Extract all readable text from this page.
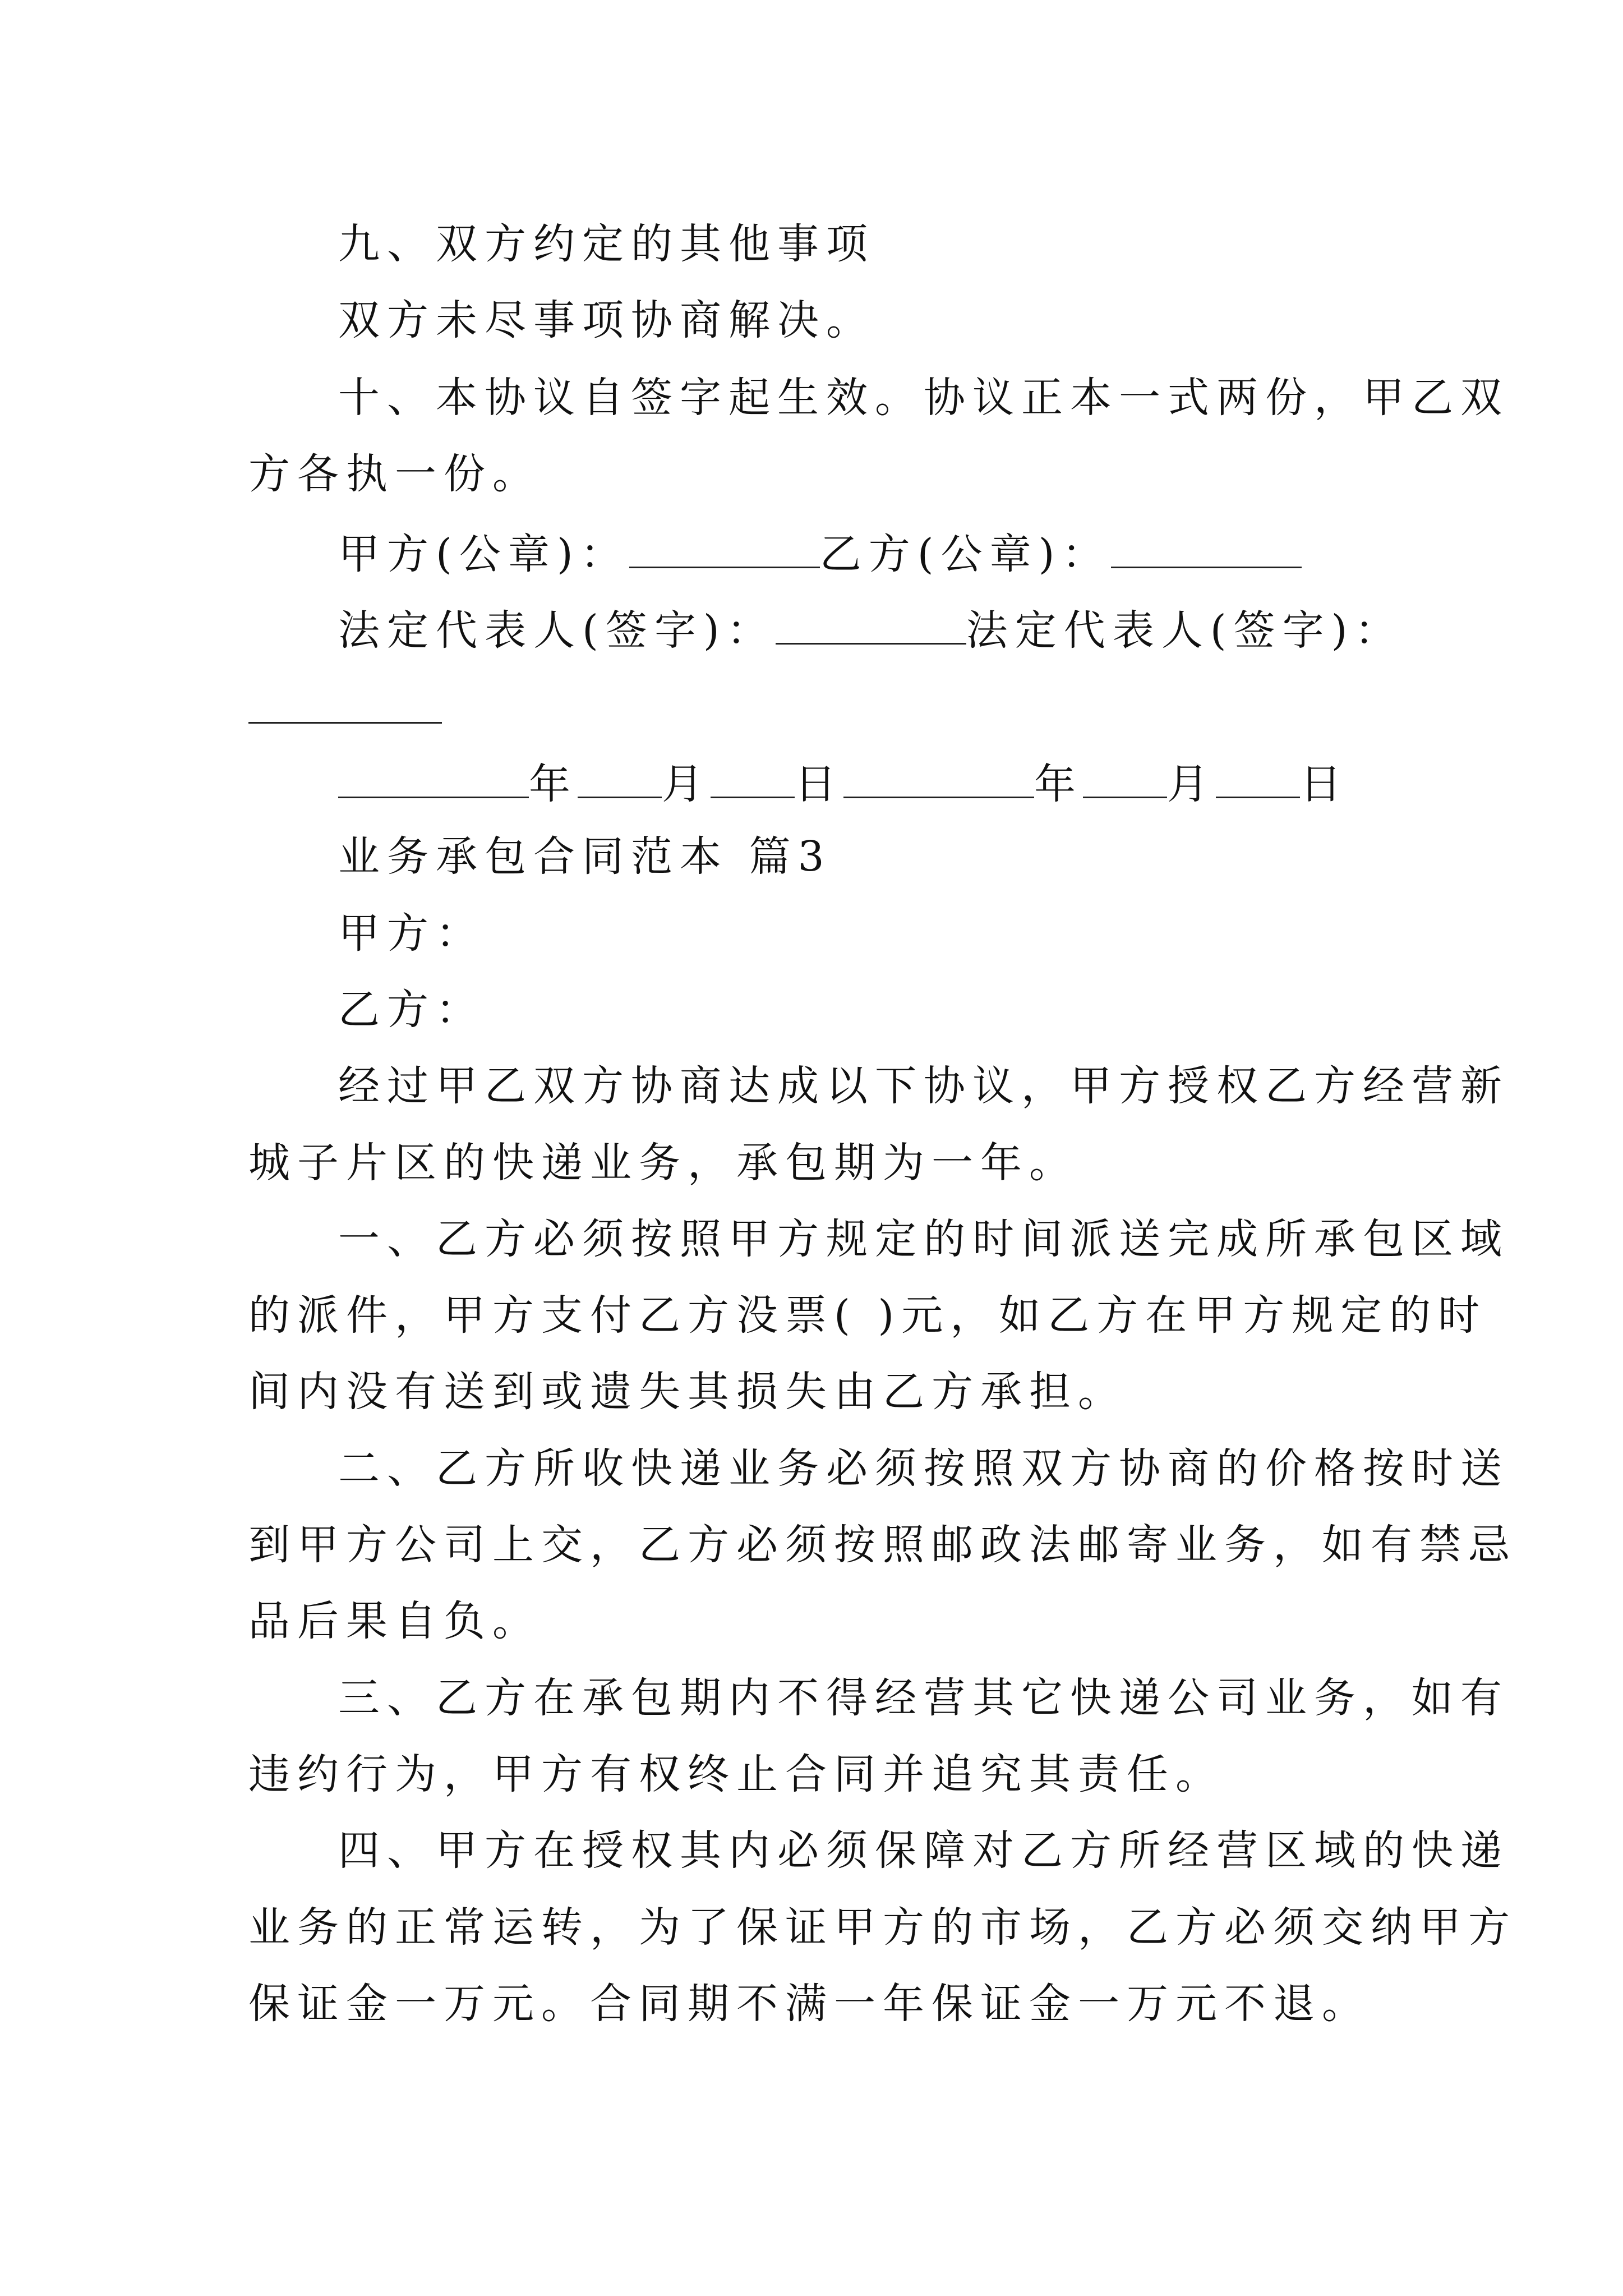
九、双方约定的其他事项
双方未尽事项协商解决。
十、本协议自签字起生效。协议正本一式两份，甲乙双
方各执一份。
甲方(公章)：	乙方(公章)：
法定代表人(签字)：	法定代表人(签字)：
年 月 日	年 月 日
业务承包合同范本 篇3
甲方：
乙方：
经过甲乙双方协商达成以下协议，甲方授权乙方经营新
城子片区的快递业务，承包期为一年。
一、乙方必须按照甲方规定的时间派送完成所承包区域
的派件，甲方支付乙方没票( )元，如乙方在甲方规定的时
间内没有送到或遗失其损失由乙方承担。
二、乙方所收快递业务必须按照双方协商的价格按时送
到甲方公司上交，乙方必须按照邮政法邮寄业务，如有禁忌
品后果自负。
三、乙方在承包期内不得经营其它快递公司业务，如有
违约行为，甲方有权终止合同并追究其责任。
四、甲方在授权其内必须保障对乙方所经营区域的快递
业务的正常运转，为了保证甲方的市场，乙方必须交纳甲方
保证金一万元。合同期不满一年保证金一万元不退。
